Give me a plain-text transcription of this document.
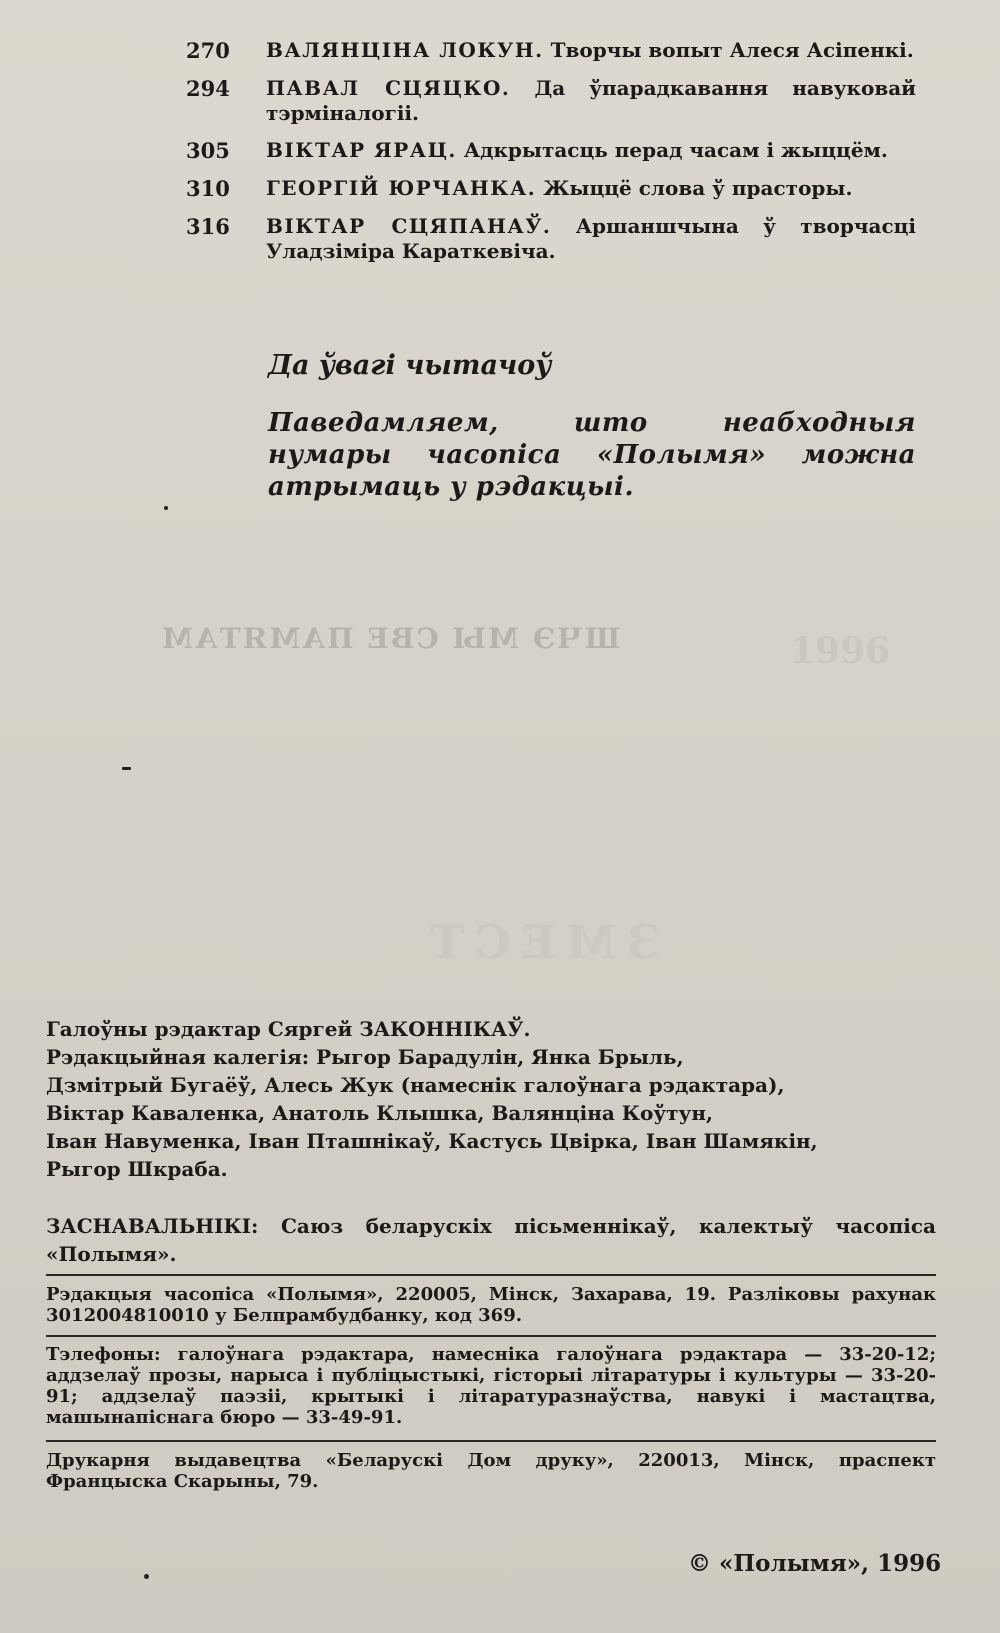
ШЧЭ МЫ СВЕ ПАМЯТАМ	1996
ЗМЕСТ
270	ВАЛЯНЦІНА ЛОКУН. Творчы вопыт Алеся Асіпенкі.
294	ПАВАЛ СЦЯЦКО. Да ўпарадкавання навуковай тэрміналогіі.
305	ВІКТАР ЯРАЦ. Адкрытасць перад часам і жыццём.
310	ГЕОРГІЙ ЮРЧАНКА. Жыццё слова ў прасторы.
316	ВІКТАР СЦЯПАНАЎ. Аршаншчына ў творчасці Уладзіміра Караткевіча.
Да ўвагі чытачоў
Паведамляем, што неабходныя нумары часопіса «Полымя» можна атрымаць у рэдакцыі.
Галоўны рэдактар Сяргей ЗАКОННІКАЎ.
Рэдакцыйная калегія: Рыгор Барадулін, Янка Брыль,
Дзмітрый Бугаёў, Алесь Жук (намеснік галоўнага рэдактара),
Віктар Каваленка, Анатоль Клышка, Валянціна Коўтун,
Іван Навуменка, Іван Пташнікаў, Кастусь Цвірка, Іван Шамякін,
Рыгор Шкраба.
ЗАСНАВАЛЬНІКІ: Саюз беларускіх пісьменнікаў, калектыў часопіса «Полымя».
Рэдакцыя часопіса «Полымя», 220005, Мінск, Захарава, 19. Разліковы рахунак 3012004810010 у Белпрамбудбанку, код 369.
Тэлефоны: галоўнага рэдактара, намесніка галоўнага рэдактара — 33-20-12; аддзелаў прозы, нарыса і публіцыстыкі, гісторыі літаратуры і культуры — 33-20-91; аддзелаў паэзіі, крытыкі і літаратуразнаўства, навукі і мастацтва, машынапіснага бюро — 33-49-91.
Друкарня выдавецтва «Беларускі Дом друку», 220013, Мінск, праспект Францыска Скарыны, 79.
© «Полымя», 1996
